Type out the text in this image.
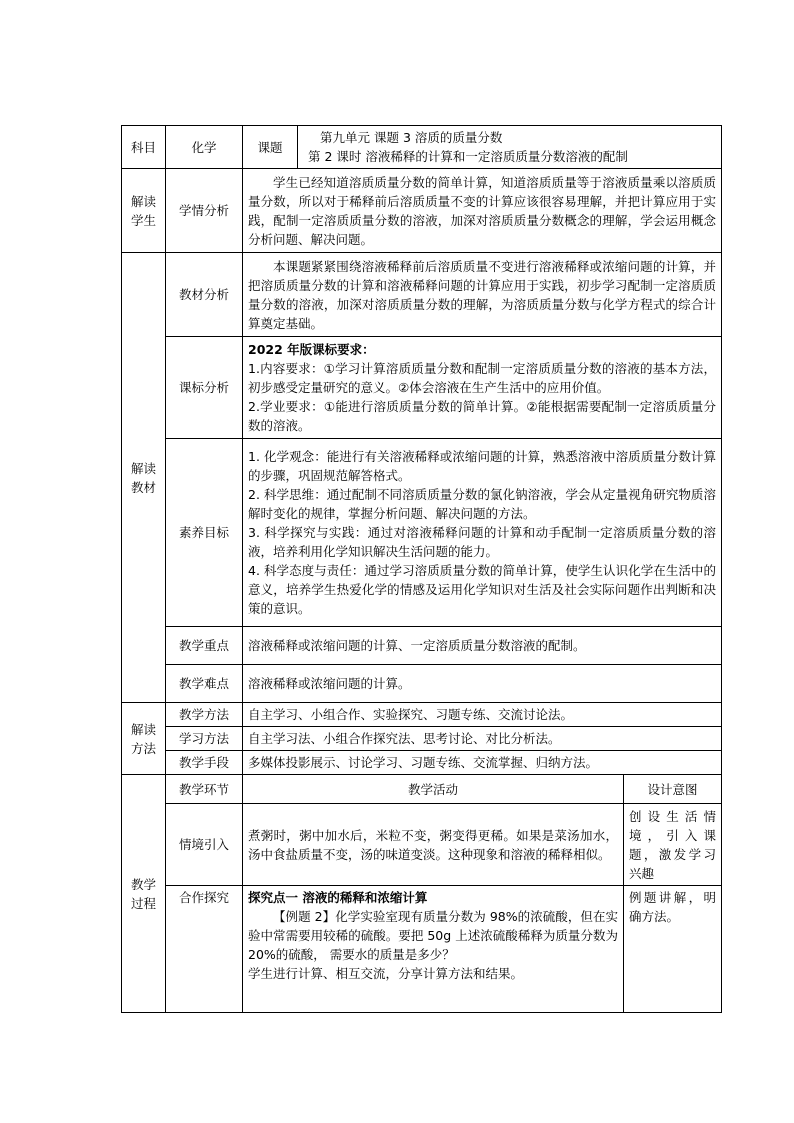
科目	化学	课题	第九单元 课题 3 溶质的质量分数

第 2 课时 溶液稀释的计算和一定溶质质量分数溶液的配制	

解读学生	学情分析	学生已经知道溶质质量分数的简单计算，知道溶质质量等于溶液质量乘以溶质质量分数，所以对于稀释前后溶质质量不变的计算应该很容易理解，并把计算应用于实践，配制一定溶质质量分数的溶液，加深对溶质质量分数概念的理解，学会运用概念分析问题、解决问题。		
解读教材	教材分析	本课题紧紧围绕溶液稀释前后溶质质量不变进行溶液稀释或浓缩问题的计算，并把溶质质量分数的计算和溶液稀释问题的计算应用于实践，初步学习配制一定溶质质量分数的溶液，加深对溶质质量分数的理解，为溶质质量分数与化学方程式的综合计算奠定基础。		
	课标分析	2022 年版课标要求：

1.内容要求：①学习计算溶质质量分数和配制一定溶质质量分数的溶液的基本方法，初步感受定量研究的意义。②体会溶液在生产生活中的应用价值。

2.学业要求：①能进行溶质质量分数的简单计算。②能根据需要配制一定溶质质量分数的溶液。		

	素养目标	1. 化学观念：能进行有关溶液稀释或浓缩问题的计算，熟悉溶液中溶质质量分数计算的步骤，巩固规范解答格式。

2. 科学思维：通过配制不同溶质质量分数的氯化钠溶液，学会从定量视角研究物质溶解时变化的规律，掌握分析问题、解决问题的方法。

3. 科学探究与实践：通过对溶液稀释问题的计算和动手配制一定溶质质量分数的溶液，培养利用化学知识解决生活问题的能力。

4. 科学态度与责任：通过学习溶质质量分数的简单计算，使学生认识化学在生活中的意义，培养学生热爱化学的情感及运用化学知识对生活及社会实际问题作出判断和决策的意识。		

	教学重点	溶液稀释或浓缩问题的计算、一定溶质质量分数溶液的配制。		
	教学难点	溶液稀释或浓缩问题的计算。		
解读方法	教学方法	自主学习、小组合作、实验探究、习题专练、交流讨论法。		
	学习方法	自主学习法、小组合作探究法、思考讨论、对比分析法。		
	教学手段	多媒体投影展示、讨论学习、习题专练、交流掌握、归纳方法。		
教学过程	教学环节	教学活动		设计意图
	情境引入	煮粥时，粥中加水后，米粒不变，粥变得更稀。如果是菜汤加水，汤中食盐质量不变，汤的味道变淡。这种现象和溶液的稀释相似。		创设生活情境，引入课题，激发学习兴趣
	合作探究	探究点一 溶液的稀释和浓缩计算

【例题 2】化学实验室现有质量分数为 98%的浓硫酸，但在实验中常需要用较稀的硫酸。要把 50g 上述浓硫酸稀释为质量分数为 20%的硫酸， 需要水的质量是多少？

学生进行计算、相互交流，分享计算方法和结果。		例题讲解，明确方法。
